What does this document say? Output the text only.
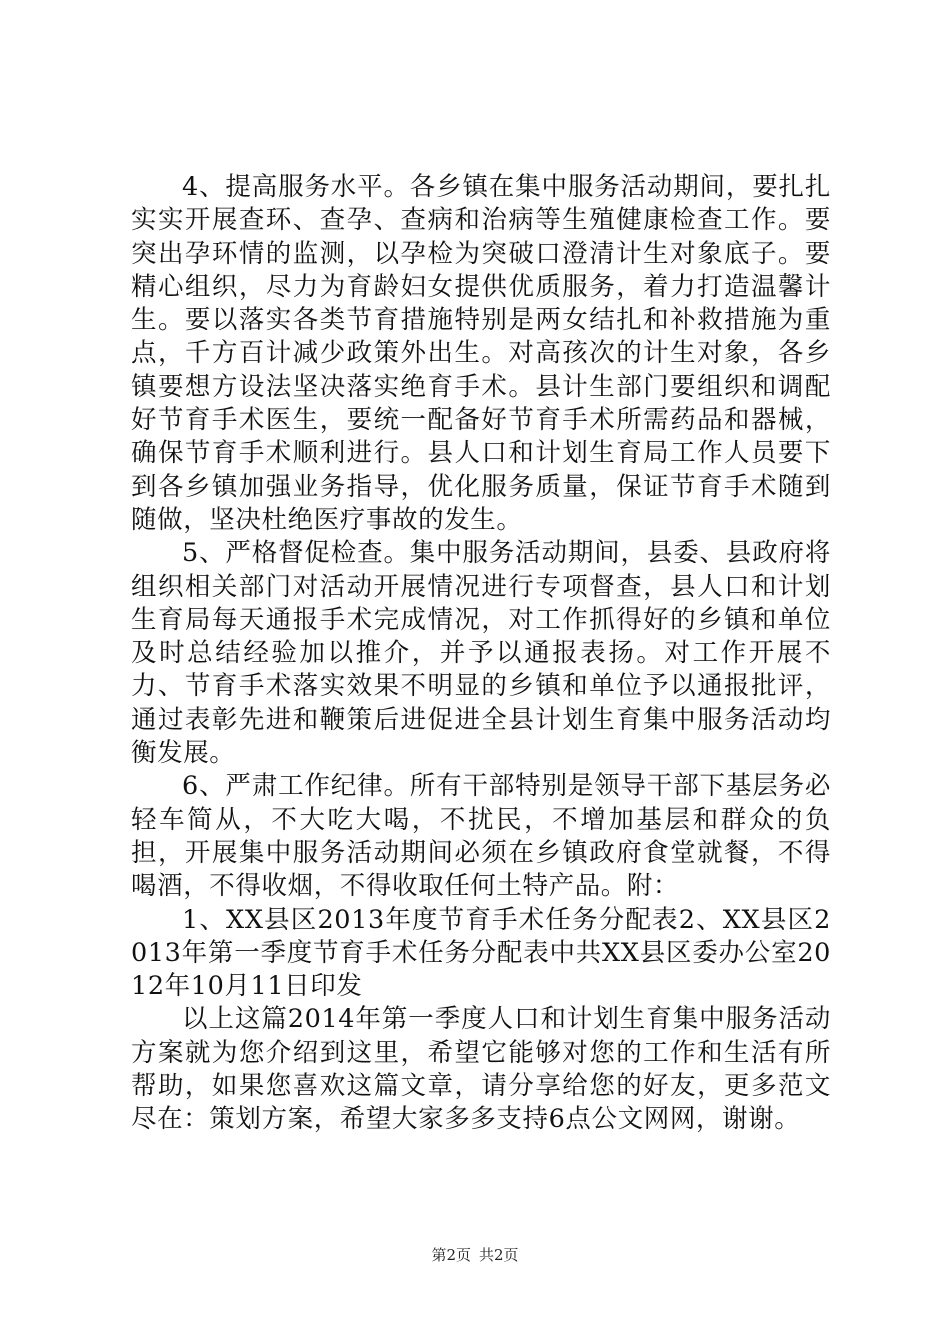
4、提高服务水平。各乡镇在集中服务活动期间，要扎扎实实开展查环、查孕、查病和治病等生殖健康检查工作。要突出孕环情的监测，以孕检为突破口澄清计生对象底子。要精心组织，尽力为育龄妇女提供优质服务，着力打造温馨计生。要以落实各类节育措施特别是两女结扎和补救措施为重点，千方百计减少政策外出生。对高孩次的计生对象，各乡镇要想方设法坚决落实绝育手术。县计生部门要组织和调配好节育手术医生，要统一配备好节育手术所需药品和器械，确保节育手术顺利进行。县人口和计划生育局工作人员要下到各乡镇加强业务指导，优化服务质量，保证节育手术随到随做，坚决杜绝医疗事故的发生。

5、严格督促检查。集中服务活动期间，县委、县政府将组织相关部门对活动开展情况进行专项督查，县人口和计划生育局每天通报手术完成情况，对工作抓得好的乡镇和单位及时总结经验加以推介，并予以通报表扬。对工作开展不力、节育手术落实效果不明显的乡镇和单位予以通报批评，通过表彰先进和鞭策后进促进全县计划生育集中服务活动均衡发展。

6、严肃工作纪律。所有干部特别是领导干部下基层务必轻车简从，不大吃大喝，不扰民，不增加基层和群众的负担，开展集中服务活动期间必须在乡镇政府食堂就餐，不得喝酒，不得收烟，不得收取任何土特产品。附：

1、XX县区2013年度节育手术任务分配表2、XX县区2013年第一季度节育手术任务分配表中共XX县区委办公室2012年10月11日印发

以上这篇2014年第一季度人口和计划生育集中服务活动方案就为您介绍到这里，希望它能够对您的工作和生活有所帮助，如果您喜欢这篇文章，请分享给您的好友，更多范文尽在：策划方案，希望大家多多支持6点公文网网，谢谢。

第2页 共2页
